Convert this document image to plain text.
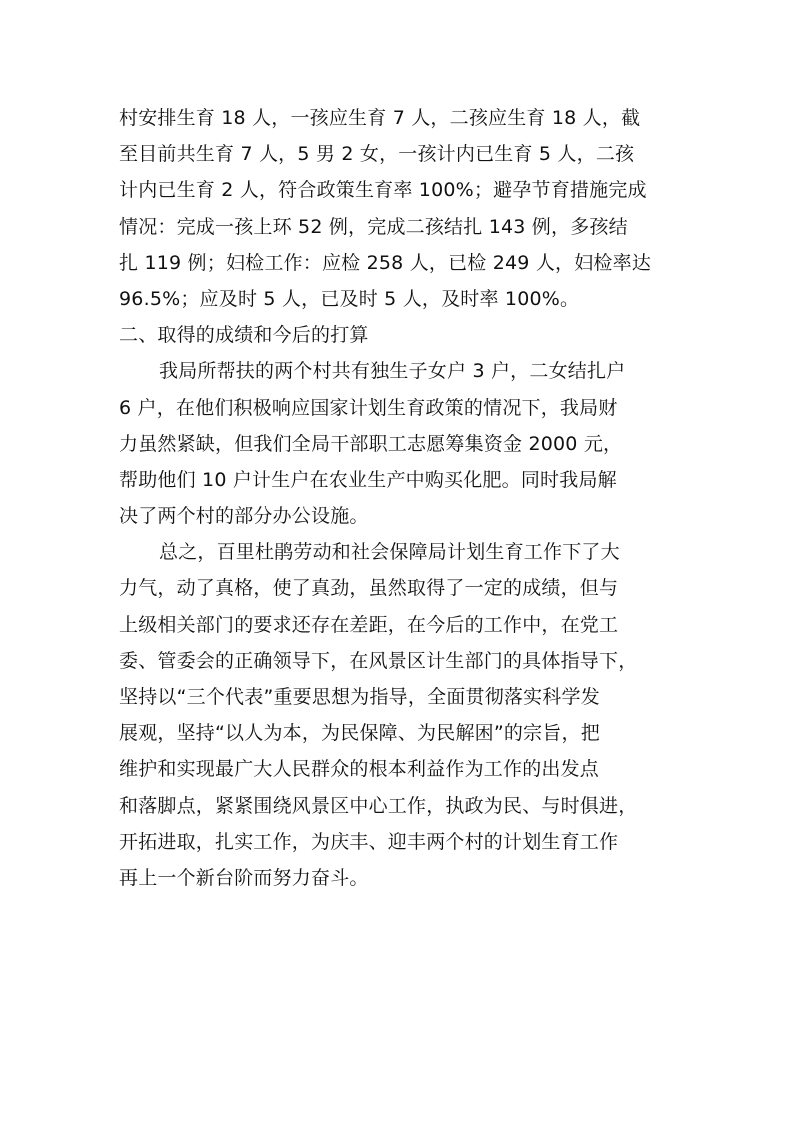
村安排生育 18 人，一孩应生育 7 人，二孩应生育 18 人，截
至目前共生育 7 人，5 男 2 女，一孩计内已生育 5 人，二孩
计内已生育 2 人，符合政策生育率 100%；避孕节育措施完成
情况：完成一孩上环 52 例，完成二孩结扎 143 例，多孩结
扎 119 例；妇检工作：应检 258 人，已检 249 人，妇检率达
96.5%；应及时 5 人，已及时 5 人，及时率 100%。
二、取得的成绩和今后的打算
我局所帮扶的两个村共有独生子女户 3 户，二女结扎户
6 户，在他们积极响应国家计划生育政策的情况下，我局财
力虽然紧缺，但我们全局干部职工志愿筹集资金 2000 元，
帮助他们 10 户计生户在农业生产中购买化肥。同时我局解
决了两个村的部分办公设施。
总之，百里杜鹃劳动和社会保障局计划生育工作下了大
力气，动了真格，使了真劲，虽然取得了一定的成绩，但与
上级相关部门的要求还存在差距，在今后的工作中，在党工
委、管委会的正确领导下，在风景区计生部门的具体指导下，
坚持以“三个代表”重要思想为指导，全面贯彻落实科学发
展观，坚持“以人为本，为民保障、为民解困”的宗旨，把
维护和实现最广大人民群众的根本利益作为工作的出发点
和落脚点，紧紧围绕风景区中心工作，执政为民、与时俱进，
开拓进取，扎实工作，为庆丰、迎丰两个村的计划生育工作
再上一个新台阶而努力奋斗。
